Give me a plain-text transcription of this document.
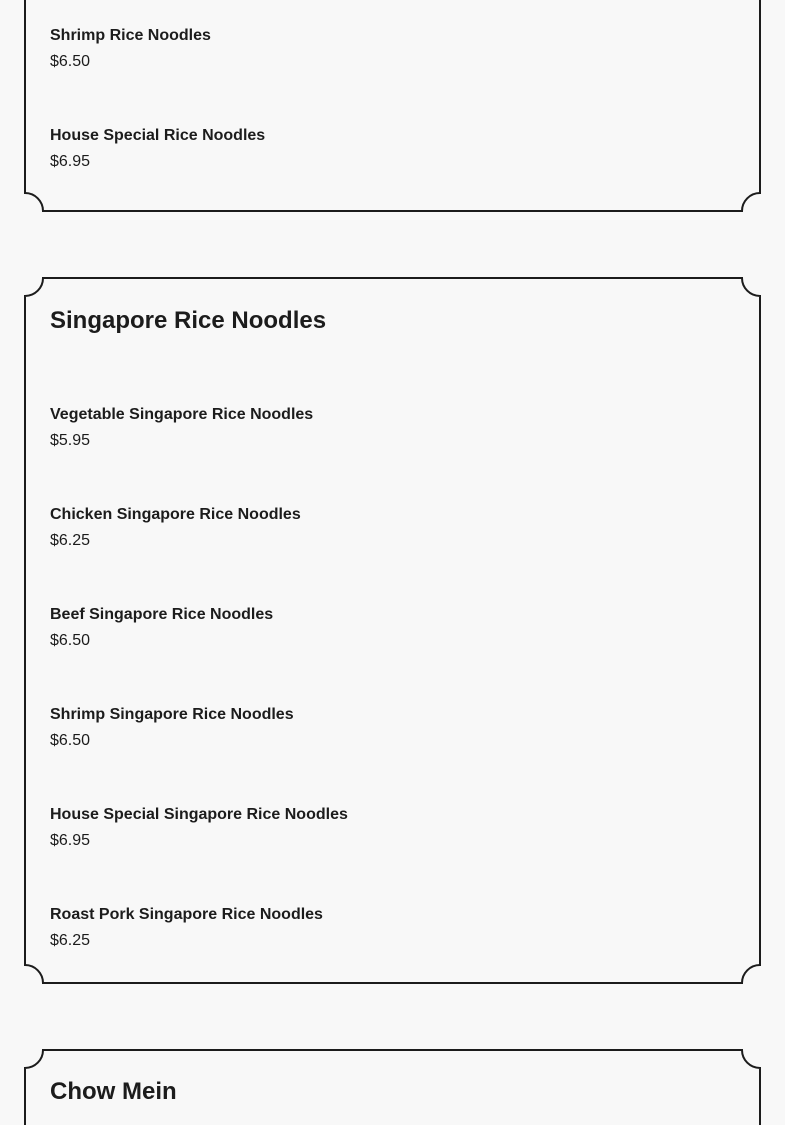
Shrimp Rice Noodles

$6.50

House Special Rice Noodles

$6.95

Singapore Rice Noodles

Vegetable Singapore Rice Noodles

$5.95

Chicken Singapore Rice Noodles

$6.25

Beef Singapore Rice Noodles

$6.50

Shrimp Singapore Rice Noodles

$6.50

House Special Singapore Rice Noodles

$6.95

Roast Pork Singapore Rice Noodles

$6.25

Chow Mein
